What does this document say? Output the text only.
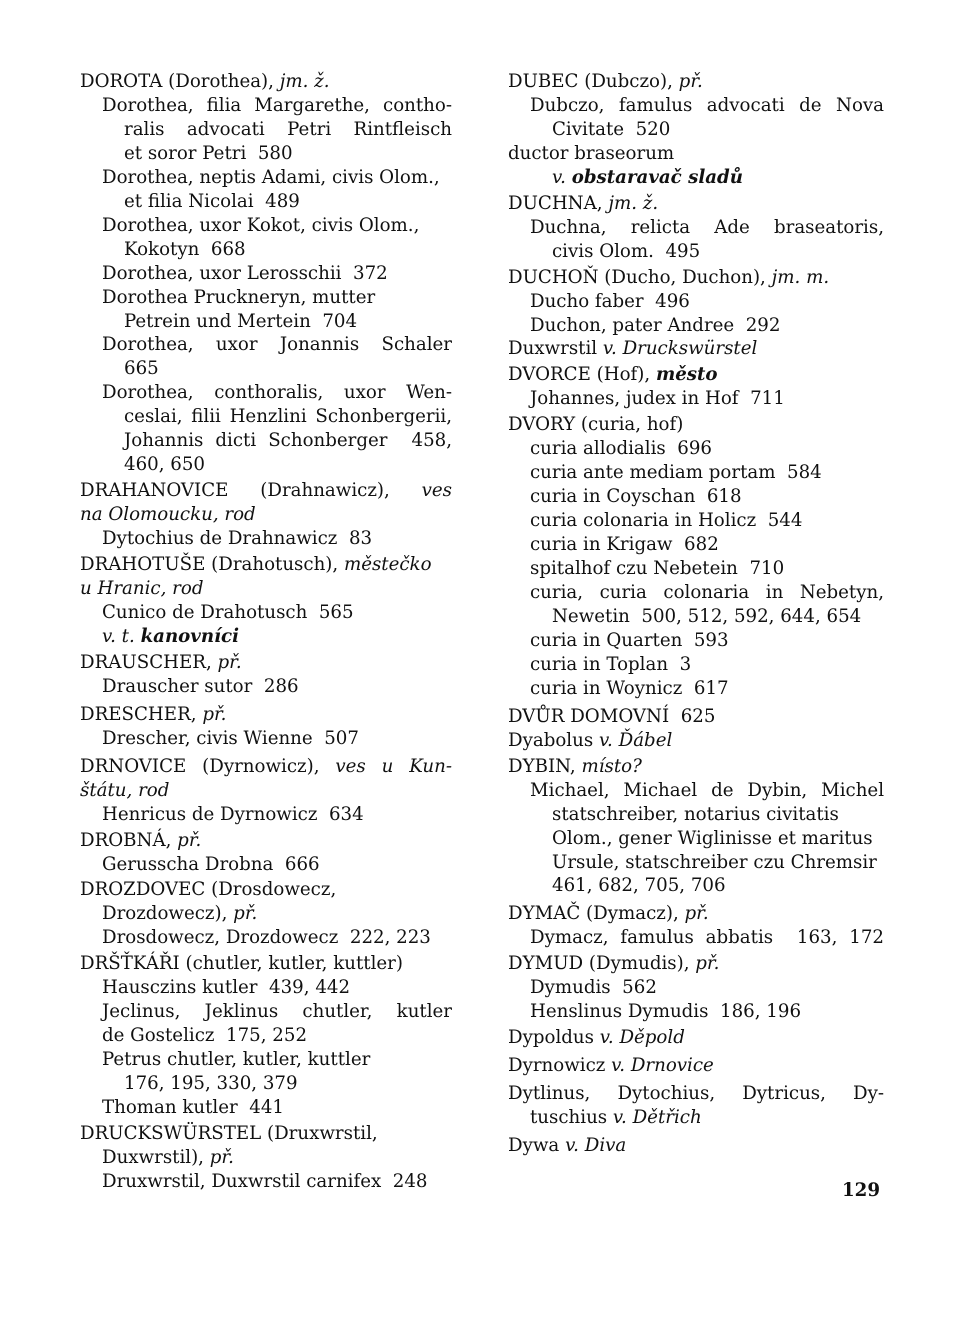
DOROTA (Dorothea), jm. ž.
Dorothea, filia Margarethe, contho-
ralis advocati Petri Rintfleisch
et soror Petri  580
Dorothea, neptis Adami, civis Olom.,
et filia Nicolai  489
Dorothea, uxor Kokot, civis Olom.,
Kokotyn  668
Dorothea, uxor Lerosschii  372
Dorothea Pruckneryn, mutter
Petrein und Mertein  704
Dorothea, uxor Jonannis Schaler
665
Dorothea, conthoralis, uxor Wen-
ceslai, filii Henzlini Schonbergerii,
Johannis dicti Schonberger  458,
460, 650
DRAHANOVICE (Drahnawicz), ves
na Olomoucku, rod
Dytochius de Drahnawicz  83
DRAHOTUŠE (Drahotusch), městečko
u Hranic, rod
Cunico de Drahotusch  565
v. t. kanovníci
DRAUSCHER, př.
Drauscher sutor  286
DRESCHER, př.
Drescher, civis Wienne  507
DRNOVICE (Dyrnowicz), ves u Kun-
štátu, rod
Henricus de Dyrnowicz  634
DROBNÁ, př.
Gerusscha Drobna  666
DROZDOVEC (Drosdowecz,
Drozdowecz), př.
Drosdowecz, Drozdowecz  222, 223
DRŠŤKÁŘI (chutler, kutler, kuttler)
Hausczins kutler  439, 442
Jeclinus, Jeklinus chutler, kutler
de Gostelicz  175, 252
Petrus chutler, kutler, kuttler
176, 195, 330, 379
Thoman kutler  441
DRUCKSWÜRSTEL (Druxwrstil,
Duxwrstil), př.
Druxwrstil, Duxwrstil carnifex  248
DUBEC (Dubczo), př.
Dubczo, famulus advocati de Nova
Civitate  520
ductor braseorum
v. obstaravač sladů
DUCHNA, jm. ž.
Duchna, relicta Ade braseatoris,
civis Olom.  495
DUCHOŇ (Ducho, Duchon), jm. m.
Ducho faber  496
Duchon, pater Andree  292
Duxwrstil v. Druckswürstel
DVORCE (Hof), město
Johannes, judex in Hof  711
DVORY (curia, hof)
curia allodialis  696
curia ante mediam portam  584
curia in Coyschan  618
curia colonaria in Holicz  544
curia in Krigaw  682
spitalhof czu Nebetein  710
curia, curia colonaria in Nebetyn,
Newetin  500, 512, 592, 644, 654
curia in Quarten  593
curia in Toplan  3
curia in Woynicz  617
DVŮR DOMOVNÍ  625
Dyabolus v. Ďábel
DYBIN, místo?
Michael, Michael de Dybin, Michel
statschreiber, notarius civitatis
Olom., gener Wiglinisse et maritus
Ursule, statschreiber czu Chremsir
461, 682, 705, 706
DYMAČ (Dymacz), př.
Dymacz, famulus abbatis  163, 172
DYMUD (Dymudis), př.
Dymudis  562
Henslinus Dymudis  186, 196
Dypoldus v. Děpold
Dyrnowicz v. Drnovice
Dytlinus, Dytochius, Dytricus, Dy-
tuschius v. Dětřich
Dywa v. Diva
129
